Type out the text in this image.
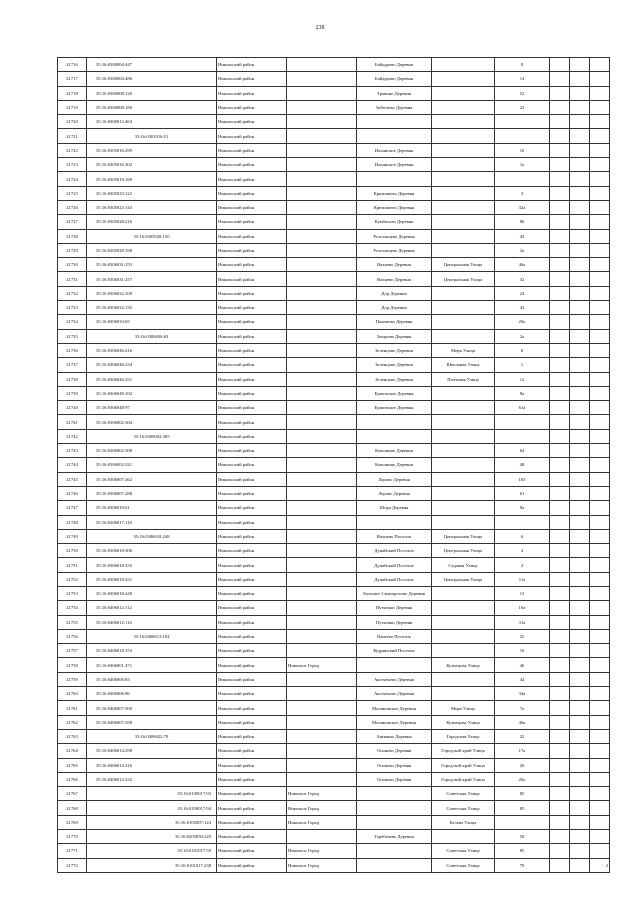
238
21716	35:16:0300004:447	Никольский район		Байдарово Деревня		8			
21717	35:16:0300004:486	Никольский район		Байдарово Деревня		14			
21718	35:16:0300008:120	Никольский район		Травино Деревня		52			
21719	35:16:0300008:180	Никольский район		Забегаево Деревня		23			
21720	35:16:0300012:463	Никольский район							
21721	35:16:0301016:51	Никольский район							
21722	35:16:0305016:299	Никольский район		Ильинское Деревня		10			
21723	35:16:0305016:302	Никольский район		Ильинское Деревня		1а			
21724	35:16:0305019:169	Никольский район							
21725	35:16:0305023:122	Никольский район		Крюкашево Деревня		3			
21726	35:16:0305023:143	Никольский район		Крюкашево Деревня		32а			
21727	35:16:0305028:216	Никольский район		Кумбасово Деревня		86			
21728	35:16:0305028:150	Никольский район		Розгольцево Деревня		43			
21729	35:16:0305028:198	Никольский район		Розгольцево Деревня		2а			
21730	35:16:0306031:253	Никольский район		Вахнево Деревня	Центральная Улица	46а			
21731	35:16:0306031:257	Никольский район		Вахнево Деревня	Центральная Улица	32			
21732	35:16:0306032:109	Никольский район		Дор Деревня		24			
21733	35:16:0306032:135	Никольский район		Дор Деревня		43			
21734	35:16:0306033:65	Никольский район		Пахомово Деревня		20а			
21735	35:16:0306036:63	Никольский район		Захарова Деревня		2а			
21736	35:16:0306046:216	Никольский район		Зеленцово Деревня	Мира Улица	8			
21737	35:16:0306046:234	Никольский район		Зеленцово Деревня	Школьная Улица	1			
21738	35:16:0306046:251	Никольский район		Зеленцово Деревня	Почтовая Улица	12			
21739	35:16:0306048:102	Никольский район		Ершовское Деревня		8а			
21740	35:16:0306048:97	Никольский район		Ершовское Деревня		61а			
21741	35:16:0306002:304	Никольский район							
21742	35:16:0306002:305	Никольский район							
21743	35:16:0306002:308	Никольский район		Кокошино Деревня		64			
21744	35:16:0306002:321	Никольский район		Кокошино Деревня		48			
21745	35:16:0306007:262	Никольский район		Лорово Деревня		165			
21746	35:16:0306007:288	Никольский район		Лорово Деревня		61			
21747	35:16:0306010:61	Никольский район		Шора Деревня		8а			
21748	35:16:0306017:118	Никольский район							
21749	35:16:0306018:248	Никольский район		Вахнево Поселок	Центральная Улица	6			
21750	35:16:0306018:306	Никольский район		Дунайский Поселок	Центральная Улица	4			
21751	35:16:0306018:333	Никольский район		Дунайский Поселок	Садовая Улица	2			
21752	35:16:0306018:451	Никольский район		Дунайский Поселок	Центральная Улица	11а			
21753	35:16:0306018:449	Никольский район		Большое Скоморохово Деревня		13			
21754	35:16:0406012:112	Никольский район		Путятино Деревня		16а			
21755	35:16:0406012:116	Никольский район		Путятино Деревня		31а			
21756	35:16:0406013:104	Никольский район		Пачеево Поселок		25			
21757	35:16:0406018:153	Никольский район		Кудринский Поселок		16			
21758	35:16:0406001:471	Никольский район	Никольск Город		Кузнецова Улица	46			
21759	35:16:0406006:83	Никольский район		Аксентьево Деревня		44			
21760	35:16:0406006:96	Никольский район		Аксентьево Деревня		34а			
21761	35:16:0406007:300	Никольский район		Малиновское Деревня	Мира Улица	7а			
21762	35:16:0406007:358	Никольский район		Малиновское Деревня	Кузнецова Улица	46а			
21763	35:16:0406022:79	Никольский район		Аникино Деревня	Городская Улица	22			
21764	35:16:0406014:298	Никольский район		Осиново Деревня	Городской край Улица	17а			
21765	35:16:0406014:316	Никольский район		Осиново Деревня	Городской край Улица	26			
21766	35:16:0406014:332	Никольский район		Осиново Деревня	Городской край Улица	20а			
21767	35:16:0100017:93	Никольский район	Никольск Город		Советская Улица	85			
21768	35:16:0100017:94	Никольский район	Никольск Город		Советская Улица	85			
21769	35:16:0105007:124	Никольский район	Никольск Город		Белова Улица				
21770	35:16:0205050:220	Никольский район		Терёбачево Деревня		50			
21771	35:16:0101017:59	Никольский район	Никольск Город		Советская Улица	85			
21772	35:16:0101017:238	Никольский район	Никольск Город		Советская Улица	79			2
